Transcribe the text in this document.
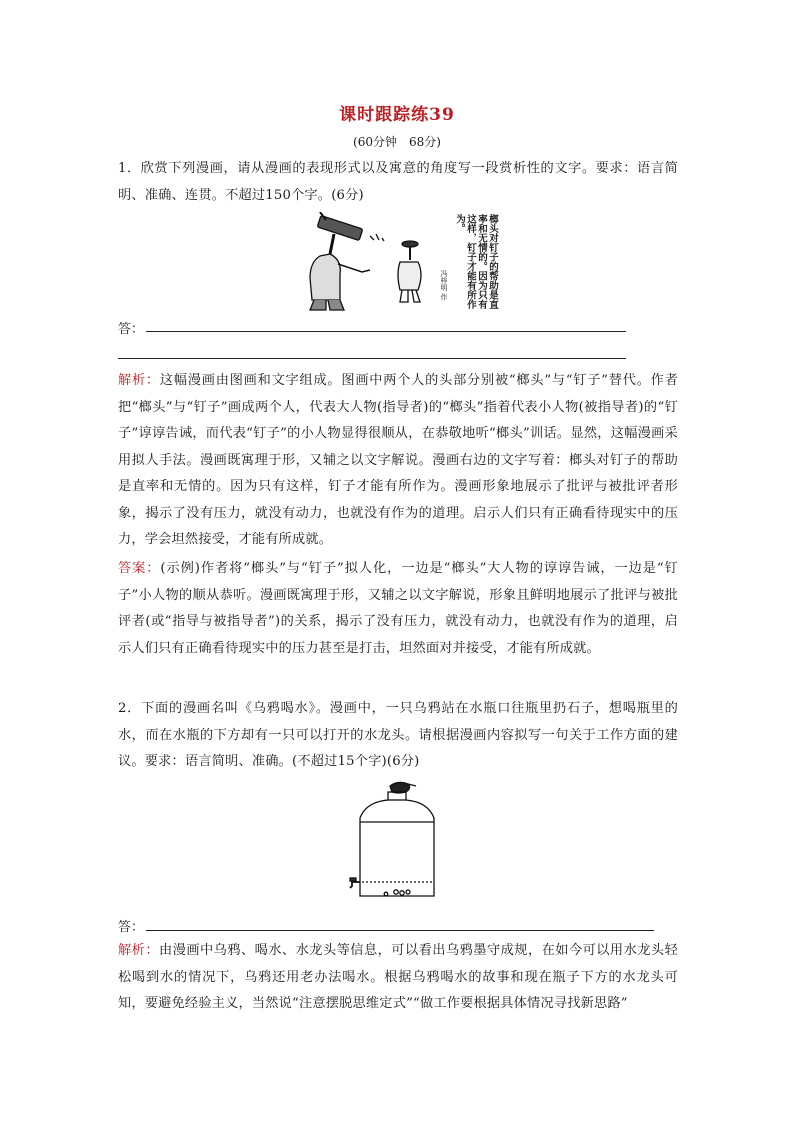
课时跟踪练39
(60分钟　68分)
1．欣赏下列漫画，请从漫画的表现形式以及寓意的角度写一段赏析性的文字。要求：语言简明、准确、连贯。不超过150个字。(6分)
榔头对钉子的帮助是直率和无情的。因为只有这样，钉子才能有所作为。
冯梓明 作
答：
解析：这幅漫画由图画和文字组成。图画中两个人的头部分别被“榔头”与“钉子”替代。作者把“榔头”与“钉子”画成两个人，代表大人物(指导者)的“榔头”指着代表小人物(被指导者)的“钉子”谆谆告诫，而代表“钉子”的小人物显得很顺从，在恭敬地听“榔头”训话。显然，这幅漫画采用拟人手法。漫画既寓理于形，又辅之以文字解说。漫画右边的文字写着：榔头对钉子的帮助是直率和无情的。因为只有这样，钉子才能有所作为。漫画形象地展示了批评与被批评者形象，揭示了没有压力，就没有动力，也就没有作为的道理。启示人们只有正确看待现实中的压力，学会坦然接受，才能有所成就。
答案：(示例)作者将“榔头”与“钉子”拟人化，一边是“榔头”大人物的谆谆告诫，一边是“钉子”小人物的顺从恭听。漫画既寓理于形，又辅之以文字解说，形象且鲜明地展示了批评与被批评者(或“指导与被指导者”)的关系，揭示了没有压力，就没有动力，也就没有作为的道理，启示人们只有正确看待现实中的压力甚至是打击，坦然面对并接受，才能有所成就。
2．下面的漫画名叫《乌鸦喝水》。漫画中，一只乌鸦站在水瓶口往瓶里扔石子，想喝瓶里的水，而在水瓶的下方却有一只可以打开的水龙头。请根据漫画内容拟写一句关于工作方面的建议。要求：语言简明、准确。(不超过15个字)(6分)
答：
解析：由漫画中乌鸦、喝水、水龙头等信息，可以看出乌鸦墨守成规，在如今可以用水龙头轻松喝到水的情况下，乌鸦还用老办法喝水。根据乌鸦喝水的故事和现在瓶子下方的水龙头可知，要避免经验主义，当然说“注意摆脱思维定式”“做工作要根据具体情况寻找新思路”
